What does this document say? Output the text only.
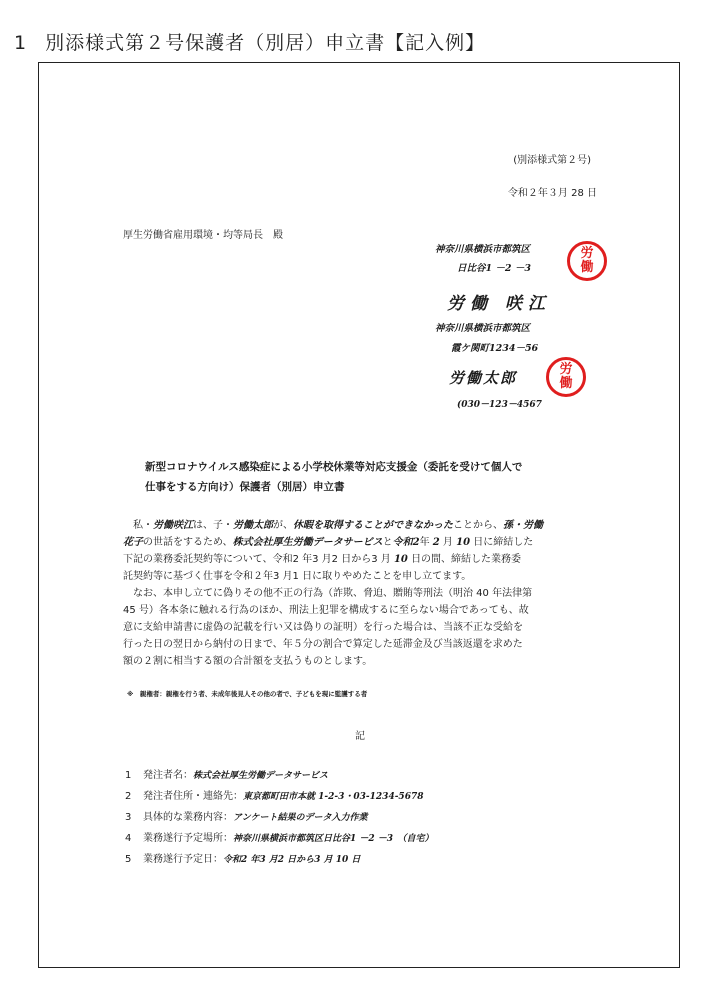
1 別添様式第２号保護者（別居）申立書【記入例】
(別添様式第２号)
令和２年３月 28 日
厚生労働省雇用環境・均等局長　殿
神奈川県横浜市都筑区
日比谷1 －2 －3
労働 咲江
労
働
神奈川県横浜市都筑区
霞ケ関町1234－56
労働太郎
(030－123－4567
労
働
新型コロナウイルス感染症による小学校休業等対応支援金（委託を受けて個人で
仕事をする方向け）保護者（別居）申立書

私・労働咲江は、子・労働太郎が、休暇を取得することができなかったことから、孫・労働
花子の世話をするため、株式会社厚生労働データサービスと令和2年 2 月 10 日に締結した
下記の業務委託契約等について、令和2 年3 月2 日から3 月 10 日の間、締結した業務委
託契約等に基づく仕事を令和２年3 月1 日に取りやめたことを申し立てます。

なお、本申し立てに偽りその他不正の行為（詐欺、脅迫、贈賄等刑法（明治 40 年法律第
45 号）各本条に触れる行為のほか、刑法上犯罪を構成するに至らない場合であっても、故
意に支給申請書に虚偽の記載を行い又は偽りの証明）を行った場合は、当該不正な受給を
行った日の翌日から納付の日まで、年５分の割合で算定した延滞金及び当該返還を求めた
額の２割に相当する額の合計額を支払うものとします。

※　親権者：親権を行う者、未成年後見人その他の者で、子どもを現に監護する者
記
1 発注者名：株式会社厚生労働データサービス
2 発注者住所・連絡先：東京都町田市本就 1-2-3・03-1234-5678
3 具体的な業務内容：アンケート結果のデータ入力作業
4 業務遂行予定場所：神奈川県横浜市都筑区日比谷1 －2 －3　（自宅）
5 業務遂行予定日：令和2 年3 月2 日から3 月 10 日
